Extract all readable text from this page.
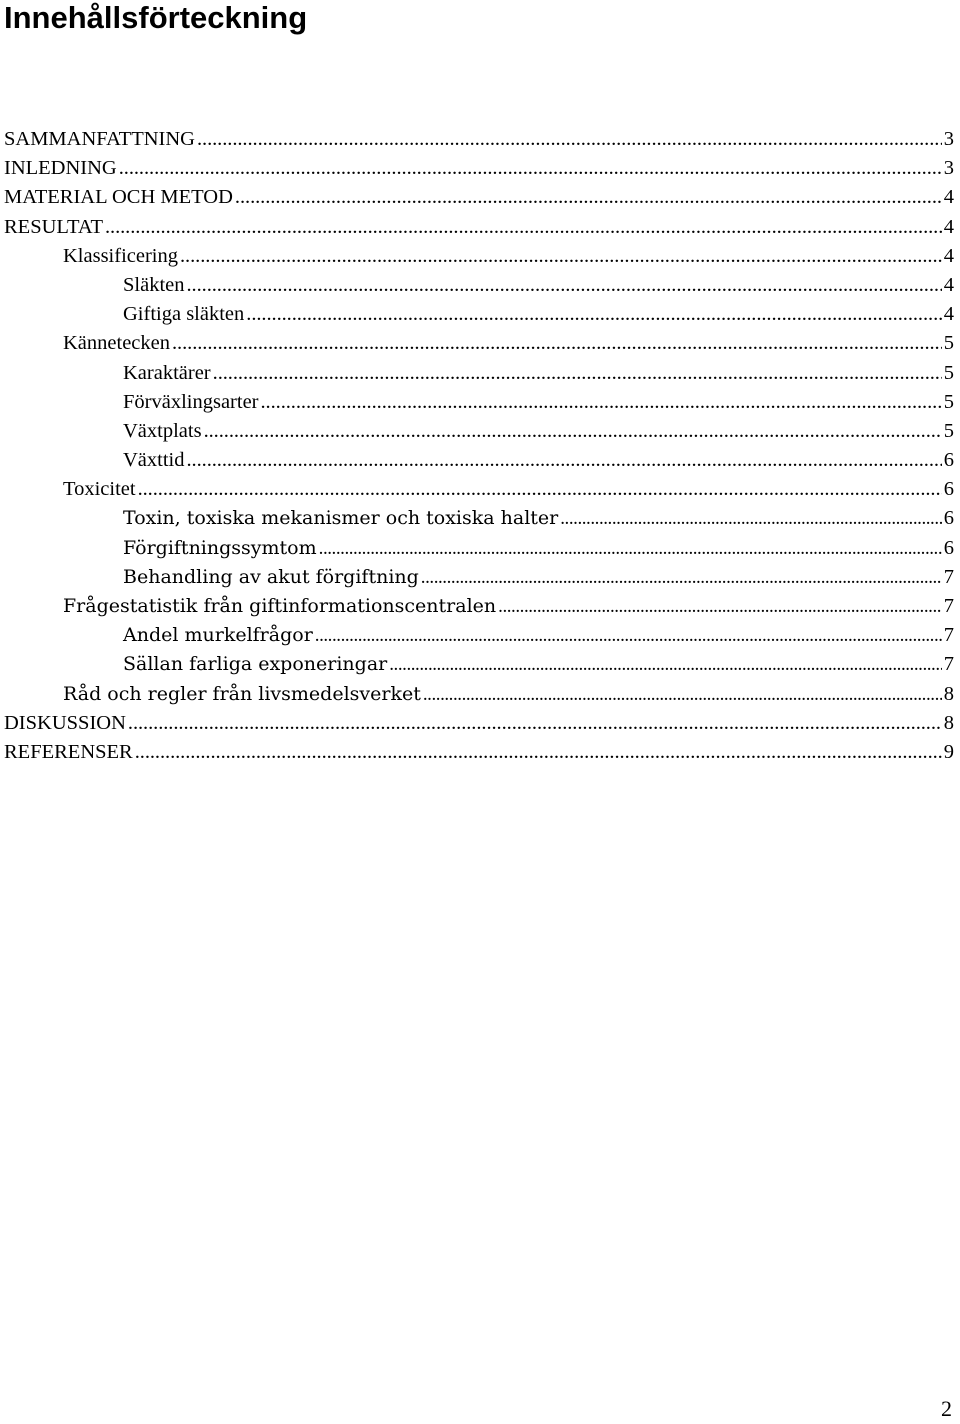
Innehållsförteckning
SAMMANFATTNING . . .	3
INLEDNING . . .	3
MATERIAL OCH METOD . . .	4
RESULTAT . . .	4
Klassificering . . .	4
Släkten . . .	4
Giftiga släkten . . .	4
Kännetecken . . .	5
Karaktärer . . .	5
Förväxlingsarter . . .	5
Växtplats . . .	5
Växttid . . .	6
Toxicitet . . .	6
Toxin, toxiska mekanismer och toxiska halter . . .	6
Förgiftningssymtom . . .	6
Behandling av akut förgiftning . . .	7
Frågestatistik från giftinformationscentralen . . .	7
Andel murkelfrågor . . .	7
Sällan farliga exponeringar . . .	7
Råd och regler från livsmedelsverket . . .	8
DISKUSSION . . .	8
REFERENSER . . .	9
2
